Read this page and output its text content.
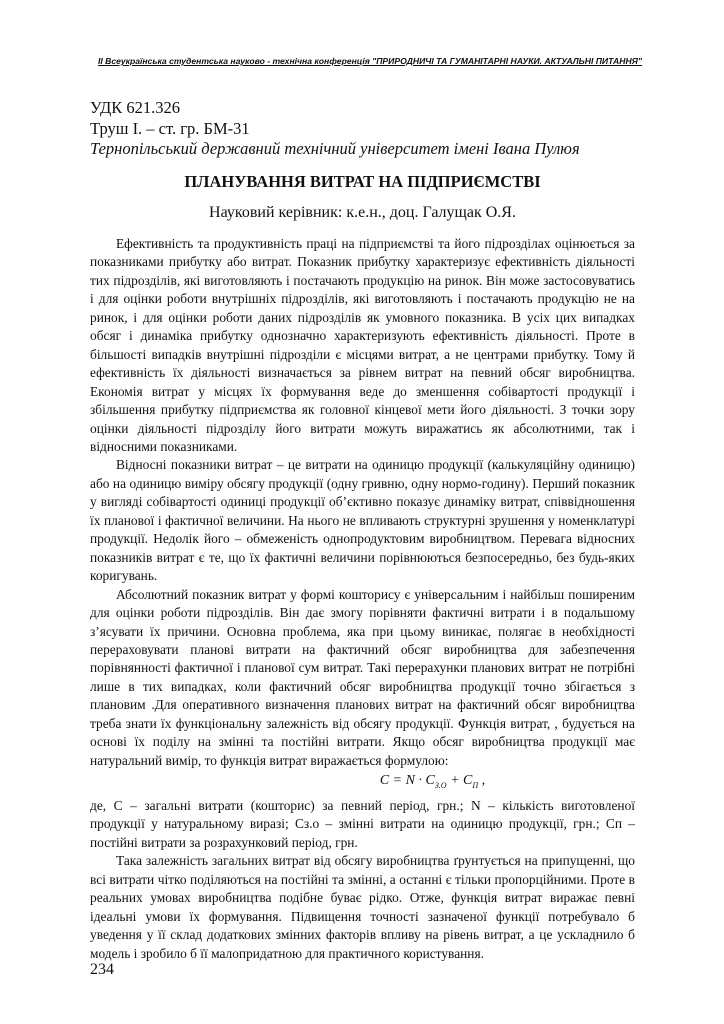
ІІ Всеукраїнська студентська науково - технічна конференція "ПРИРОДНИЧІ ТА ГУМАНІТАРНІ НАУКИ. АКТУАЛЬНІ ПИТАННЯ"
УДК 621.326
Труш І. – ст. гр. БМ-31
Тернопільський державний технічний університет імені Івана Пулюя
ПЛАНУВАННЯ ВИТРАТ НА ПІДПРИЄМСТВІ
Науковий керівник: к.е.н., доц. Галущак О.Я.

Ефективність та продуктивність праці на підприємстві та його підрозділах оцінюється за показниками прибутку або витрат. Показник прибутку характеризує ефективність діяльності тих підрозділів, які виготовляють і постачають продукцію на ринок. Він може застосовуватись і для оцінки роботи внутрішніх підрозділів, які виготовляють і постачають продукцію не на ринок, і для оцінки роботи даних підрозділів як умовного показника. В усіх цих випадках обсяг і динаміка прибутку однозначно характеризують ефективність діяльності. Проте в більшості випадків внутрішні підрозділи є місцями витрат, а не центрами прибутку. Тому й ефективність їх діяльності визначається за рівнем витрат на певний обсяг виробництва. Економія витрат у місцях їх формування веде до зменшення собівартості продукції і збільшення прибутку підприємства як головної кінцевої мети його діяльності. З точки зору оцінки діяльності підрозділу його витрати можуть виражатись як абсолютними, так і відносними показниками.

Відносні показники витрат – це витрати на одиницю продукції (калькуляційну одиницю) або на одиницю виміру обсягу продукції (одну гривню, одну нормо-годину). Перший показник у вигляді собівартості одиниці продукції об’єктивно показує динаміку витрат, співвідношення їх планової і фактичної величини. На нього не впливають структурні зрушення у номенклатурі продукції. Недолік його – обмеженість однопродуктовим виробництвом. Перевага відносних показників витрат є те, що їх фактичні величини порівнюються безпосередньо, без будь-яких коригувань.

Абсолютний показник витрат у формі кошторису є універсальним і найбільш поширеним для оцінки роботи підрозділів. Він дає змогу порівняти фактичні витрати і в подальшому з’ясувати їх причини. Основна проблема, яка при цьому виникає, полягає в необхідності перераховувати планові витрати на фактичний обсяг виробництва для забезпечення порівнянності фактичної і планової сум витрат. Такі перерахунки планових витрат не потрібні лише в тих випадках, коли фактичний обсяг виробництва продукції точно збігається з плановим .Для оперативного визначення планових витрат на фактичний обсяг виробництва треба знати їх функціональну залежність від обсягу продукції. Функція витрат, , будується на основі їх поділу на змінні та постійні витрати. Якщо обсяг виробництва продукції має натуральний вимір, то функція витрат виражається формулою:

$C = N \cdot C_{З.О} + C_П$ ,

де, С – загальні витрати (кошторис) за певний період, грн.; N – кількість виготовленої продукції у натуральному виразі; Сз.о – змінні витрати на одиницю продукції, грн.; Сп – постійні витрати за розрахунковий період, грн.

Така залежність загальних витрат від обсягу виробництва ґрунтується на припущенні, що всі витрати чітко поділяються на постійні та змінні, а останні є тільки пропорційними. Проте в реальних умовах виробництва подібне буває рідко. Отже, функція витрат виражає певні ідеальні умови їх формування. Підвищення точності зазначеної функції потребувало б уведення у її склад додаткових змінних факторів впливу на рівень витрат, а це ускладнило б модель і зробило б її малопридатною для практичного користування.

234
